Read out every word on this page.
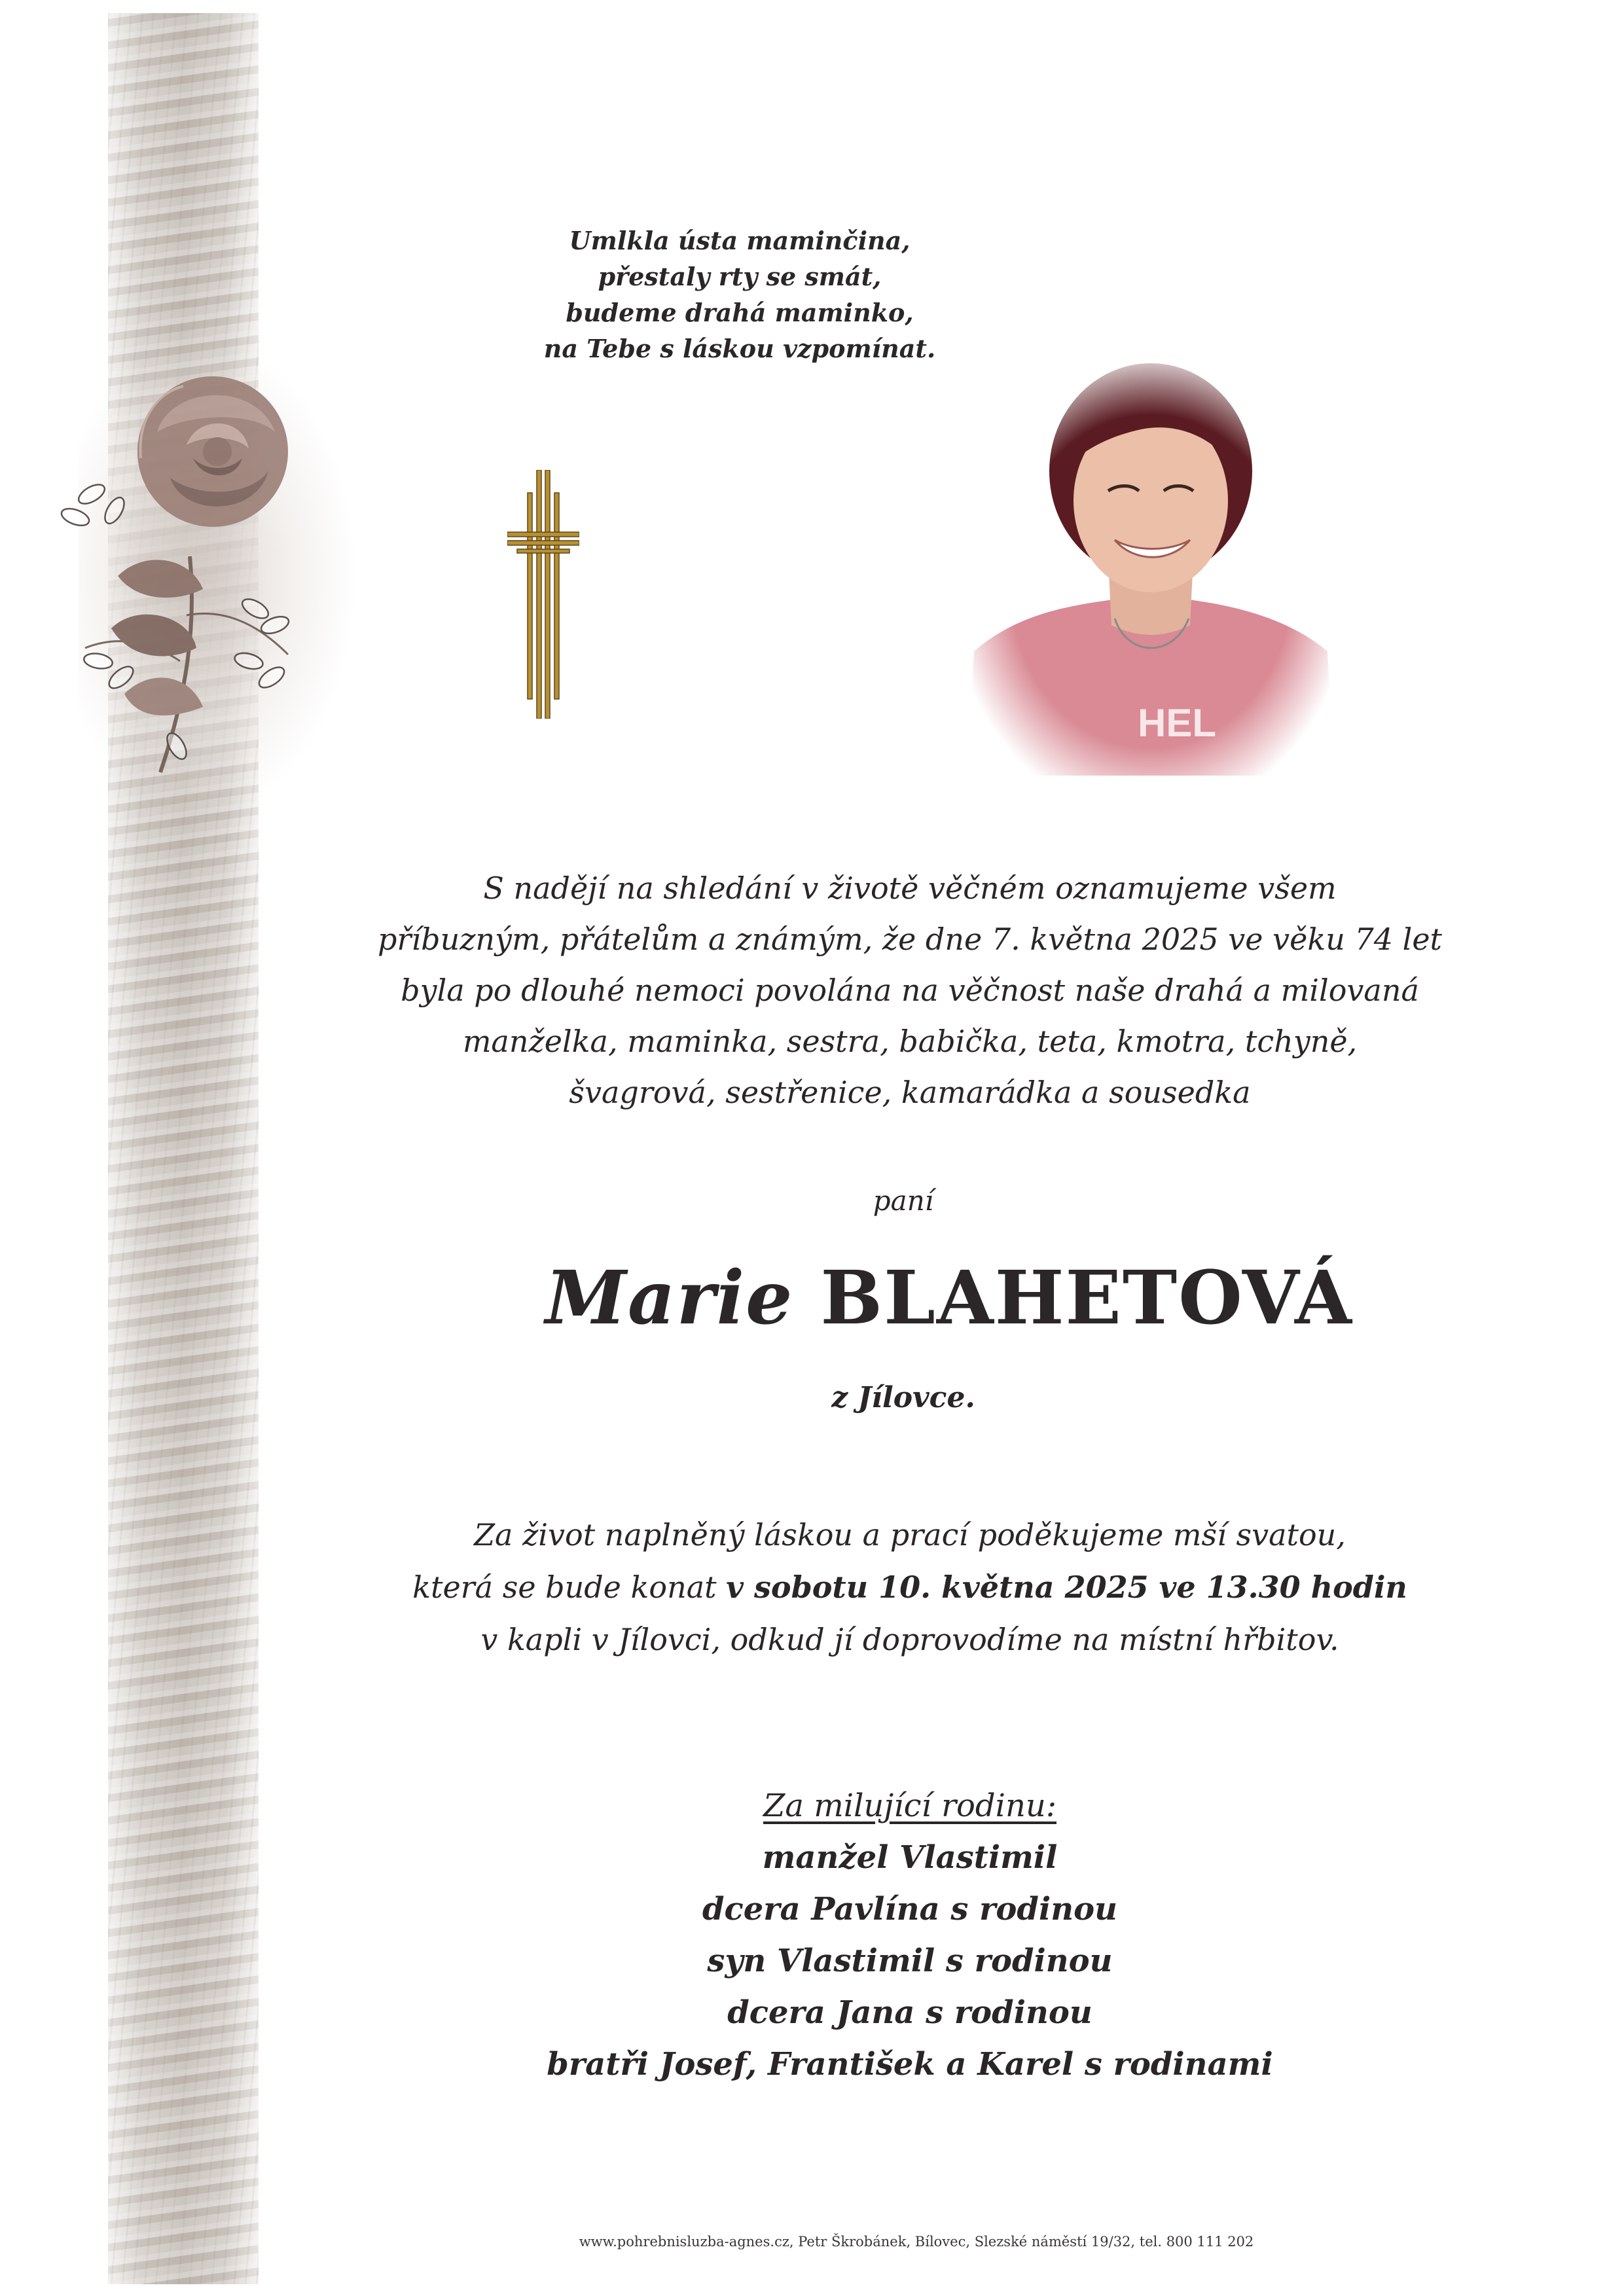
Umlkla ústa maminčina,
přestaly rty se smát,
budeme drahá maminko,
na Tebe s láskou vzpomínat.
S nadějí na shledání v životě věčném oznamujeme všem
příbuzným, přátelům a známým, že dne 7. května 2025 ve věku 74 let
byla po dlouhé nemoci povolána na věčnost naše drahá a milovaná
manželka, maminka, sestra, babička, teta, kmotra, tchyně,
švagrová, sestřenice, kamarádka a sousedka
paní
Marie BLAHETOVÁ
z Jílovce.
Za život naplněný láskou a prací poděkujeme mší svatou,
která se bude konat v sobotu 10. května 2025 ve 13.30 hodin
v kapli v Jílovci, odkud jí doprovodíme na místní hřbitov.
Za milující rodinu:
manžel Vlastimil
dcera Pavlína s rodinou
syn Vlastimil s rodinou
dcera Jana s rodinou
bratři Josef, František a Karel s rodinami
www.pohrebnisluzba-agnes.cz, Petr Škrobánek, Bílovec, Slezské náměstí 19/32, tel. 800 111 202
